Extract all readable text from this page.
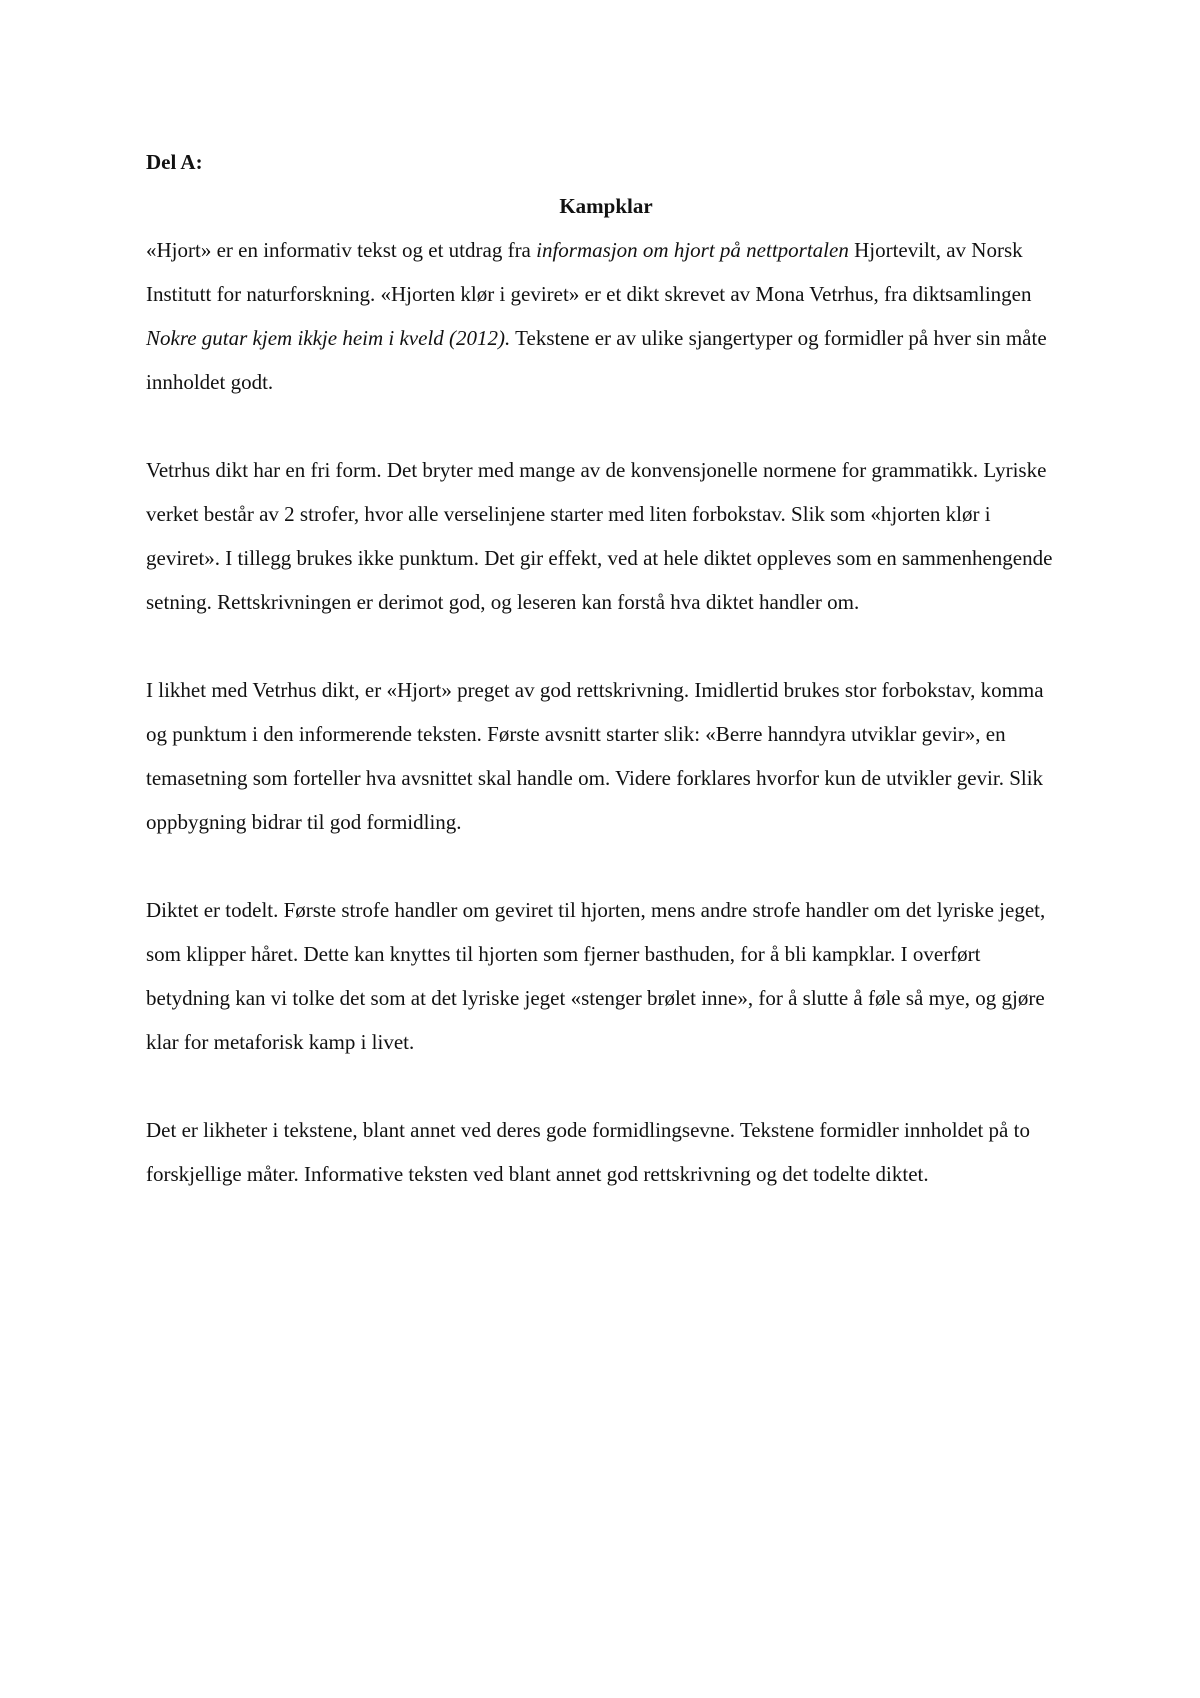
Del A:

Kampklar

«Hjort» er en informativ tekst og et utdrag fra informasjon om hjort på nettportalen Hjortevilt, av Norsk Institutt for naturforskning. «Hjorten klør i geviret» er et dikt skrevet av Mona Vetrhus, fra diktsamlingen Nokre gutar kjem ikkje heim i kveld (2012). Tekstene er av ulike sjangertyper og formidler på hver sin måte innholdet godt.

Vetrhus dikt har en fri form. Det bryter med mange av de konvensjonelle normene for grammatikk. Lyriske verket består av 2 strofer, hvor alle verselinjene starter med liten forbokstav. Slik som «hjorten klør i geviret». I tillegg brukes ikke punktum. Det gir effekt, ved at hele diktet oppleves som en sammenhengende setning. Rettskrivningen er derimot god, og leseren kan forstå hva diktet handler om.

I likhet med Vetrhus dikt, er «Hjort» preget av god rettskrivning. Imidlertid brukes stor forbokstav, komma og punktum i den informerende teksten. Første avsnitt starter slik: «Berre hanndyra utviklar gevir», en temasetning som forteller hva avsnittet skal handle om. Videre forklares hvorfor kun de utvikler gevir. Slik oppbygning bidrar til god formidling.

Diktet er todelt. Første strofe handler om geviret til hjorten, mens andre strofe handler om det lyriske jeget, som klipper håret. Dette kan knyttes til hjorten som fjerner basthuden, for å bli kampklar. I overført betydning kan vi tolke det som at det lyriske jeget «stenger brølet inne», for å slutte å føle så mye, og gjøre klar for metaforisk kamp i livet.

Det er likheter i tekstene, blant annet ved deres gode formidlingsevne. Tekstene formidler innholdet på to forskjellige måter. Informative teksten ved blant annet god rettskrivning og det todelte diktet.
